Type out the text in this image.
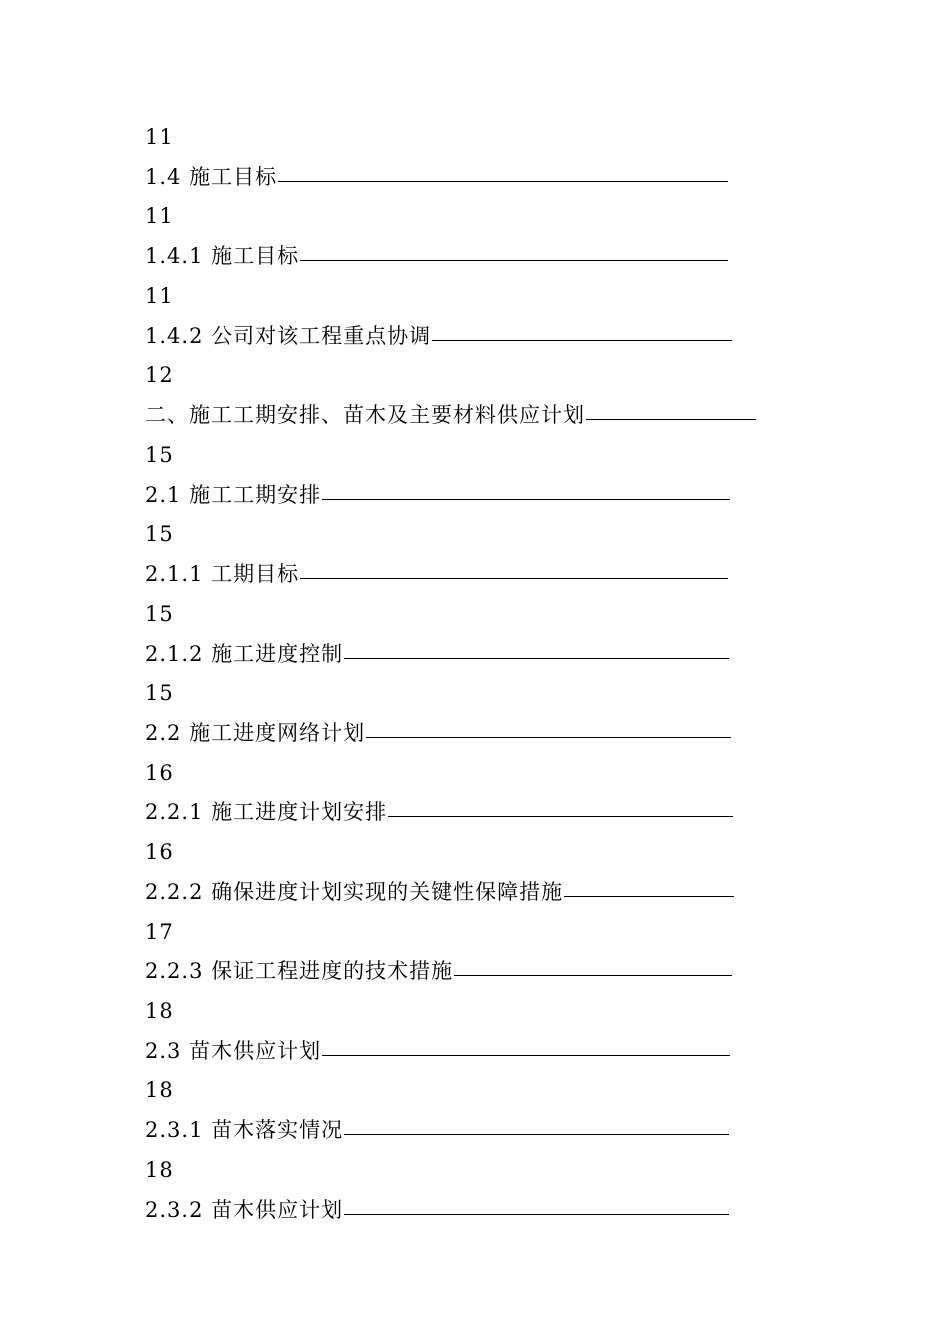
11
1.4 施工目标
11
1.4.1 施工目标
11
1.4.2 公司对该工程重点协调
12
二、施工工期安排、苗木及主要材料供应计划
15
2.1 施工工期安排
15
2.1.1 工期目标
15
2.1.2 施工进度控制
15
2.2 施工进度网络计划
16
2.2.1 施工进度计划安排
16
2.2.2 确保进度计划实现的关键性保障措施
17
2.2.3 保证工程进度的技术措施
18
2.3 苗木供应计划
18
2.3.1 苗木落实情况
18
2.3.2 苗木供应计划
